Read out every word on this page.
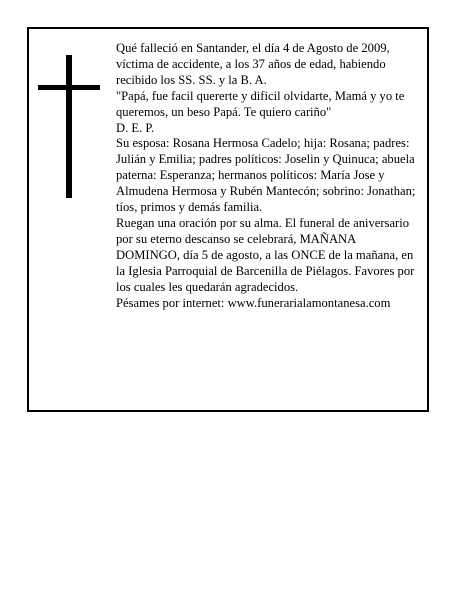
Qué falleció en Santander, el día 4 de Agosto de 2009, víctima de accidente, a los 37 años de edad, habiendo recibido los SS. SS. y la B. A.

"Papá, fue facil quererte y dificil olvidarte, Mamá y yo te queremos, un beso Papá. Te quiero cariño"

D. E. P.

Su esposa: Rosana Hermosa Cadelo; hija: Rosana; padres: Julián y Emilia; padres políticos: Joselin y Quinuca; abuela paterna: Esperanza; hermanos políticos: María Jose y Almudena Hermosa y Rubén Mantecón; sobrino: Jonathan; tíos, primos y demás familia.

Ruegan una oración por su alma. El funeral de aniversario por su eterno descanso se celebrará, MAÑANA DOMINGO, día 5 de agosto, a las ONCE de la mañana, en la Iglesia Parroquial de Barcenilla de Piélagos. Favores por los cuales les quedarán agradecidos.

Pésames por internet: www.funerarialamontanesa.com
